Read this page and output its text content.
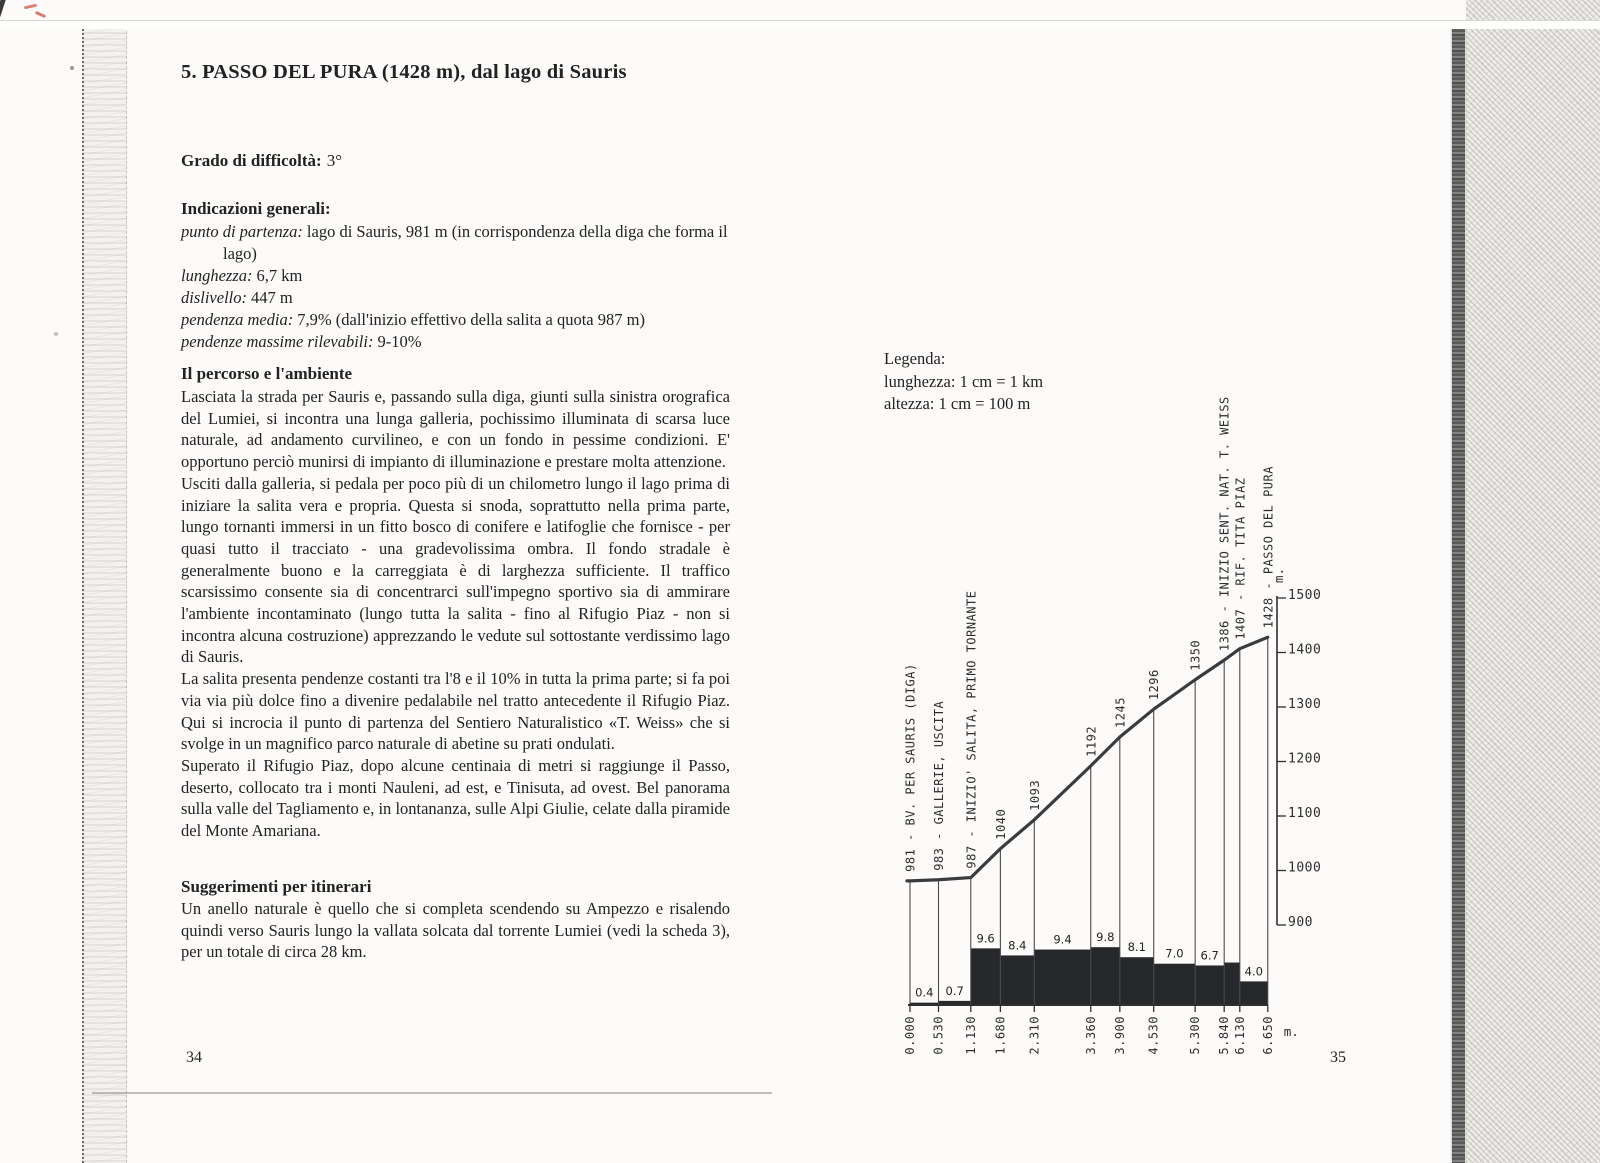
5. PASSO DEL PURA (1428 m), dal lago di Sauris
Grado di difficoltà: 3°
Indicazioni generali:
punto di partenza: lago di Sauris, 981 m (in corrispondenza della diga che forma il lago)
lunghezza: 6,7 km
dislivello: 447 m
pendenza media: 7,9% (dall'inizio effettivo della salita a quota 987 m)
pendenze massime rilevabili: 9-10%
Il percorso e l'ambiente

Lasciata la strada per Sauris e, passando sulla diga, giunti sulla sinistra orografica del Lumiei, si incontra una lunga galleria, pochissimo illuminata di scarsa luce naturale, ad andamento curvilineo, e con un fondo in pessime condizioni. E' opportuno perciò munirsi di impianto di illuminazione e prestare molta attenzione.

Usciti dalla galleria, si pedala per poco più di un chilometro lungo il lago prima di iniziare la salita vera e propria. Questa si snoda, soprattutto nella prima parte, lungo tornanti immersi in un fitto bosco di conifere e latifoglie che fornisce - per quasi tutto il tracciato - una gradevolissima ombra. Il fondo stradale è generalmente buono e la carreggiata è di larghezza sufficiente. Il traffico scarsissimo consente sia di concentrarci sull'impegno sportivo sia di ammirare l'ambiente incontaminato (lungo tutta la salita - fino al Rifugio Piaz - non si incontra alcuna costruzione) apprezzando le vedute sul sottostante verdissimo lago di Sauris.

La salita presenta pendenze costanti tra l'8 e il 10% in tutta la prima parte; si fa poi via via più dolce fino a divenire pedalabile nel tratto antecedente il Rifugio Piaz. Qui si incrocia il punto di partenza del Sentiero Naturalistico «T. Weiss» che si svolge in un magnifico parco naturale di abetine su prati ondulati.

Superato il Rifugio Piaz, dopo alcune centinaia di metri si raggiunge il Passo, deserto, collocato tra i monti Nauleni, ad est, e Tinisuta, ad ovest. Bel panorama sulla valle del Tagliamento e, in lontananza, sulle Alpi Giulie, celate dalla piramide del Monte Amariana.

Suggerimenti per itinerari

Un anello naturale è quello che si completa scendendo su Ampezzo e risalendo quindi verso Sauris lungo la vallata solcata dal torrente Lumiei (vedi la scheda 3), per un totale di circa 28 km.

34	35
Legenda:
lunghezza: 1 cm = 1 km
altezza: 1 cm = 100 m
0.4 0.7
9.6
8.4 9.4 9.8
8.1 7.0 6.7
4.0
981 - BV. PER SAURIS (DIGA)
0.000
983 - GALLERIE, USCITA
0.530
987 - INIZIO' SALITA, PRIMO TORNANTE
1.130
1040
1.680
1093
2.310
1192
3.360
1245
3.900
1296
4.530
1350
5.300
1386 - INIZIO SENT. NAT. T. WEISS
5.840
1407 - RIF. TITA PIAZ
6.130
1428 - PASSO DEL PURA
6.650 m.
900
1000
1100
1200
1300
1400
1500
m.
